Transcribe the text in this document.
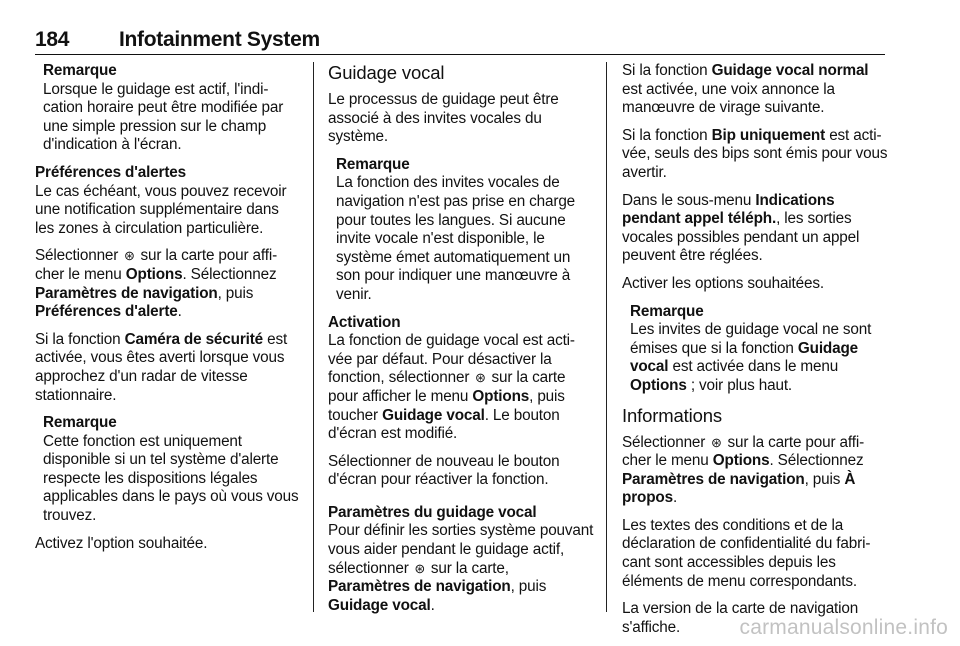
184 Infotainment System
Remarque
Lorsque le guidage est actif, l'indi-cation horaire peut être modifiée par une simple pression sur le champ d'indication à l'écran.

Préférences d'alertes
Le cas échéant, vous pouvez recevoir une notification supplémentaire dans les zones à circulation particulière.

Sélectionner ⊛ sur la carte pour affi-cher le menu Options. Sélectionnez Paramètres de navigation, puis Préférences d'alerte.

Si la fonction Caméra de sécurité est activée, vous êtes averti lorsque vous approchez d'un radar de vitesse stationnaire.

Remarque
Cette fonction est uniquement disponible si un tel système d'alerte respecte les dispositions légales applicables dans le pays où vous vous trouvez.

Activez l'option souhaitée.

Guidage vocal

Le processus de guidage peut être associé à des invites vocales du système.

Remarque
La fonction des invites vocales de navigation n'est pas prise en charge pour toutes les langues. Si aucune invite vocale n'est disponible, le système émet automatiquement un son pour indiquer une manœuvre à venir.

Activation
La fonction de guidage vocal est acti-vée par défaut. Pour désactiver la fonction, sélectionner ⊛ sur la carte pour afficher le menu Options, puis toucher Guidage vocal. Le bouton d'écran est modifié.

Sélectionner de nouveau le bouton d'écran pour réactiver la fonction.

Paramètres du guidage vocal
Pour définir les sorties système pouvant vous aider pendant le guidage actif, sélectionner ⊛ sur la carte, Paramètres de navigation, puis Guidage vocal.

Si la fonction Guidage vocal normal est activée, une voix annonce la manœuvre de virage suivante.

Si la fonction Bip uniquement est acti-vée, seuls des bips sont émis pour vous avertir.

Dans le sous-menu Indications pendant appel téléph., les sorties vocales possibles pendant un appel peuvent être réglées.

Activer les options souhaitées.

Remarque
Les invites de guidage vocal ne sont émises que si la fonction Guidage vocal est activée dans le menu Options ; voir plus haut.
Informations

Sélectionner ⊛ sur la carte pour affi-cher le menu Options. Sélectionnez Paramètres de navigation, puis À propos.

Les textes des conditions et de la déclaration de confidentialité du fabri-cant sont accessibles depuis les éléments de menu correspondants.

La version de la carte de navigation s'affiche.	carmanualsonline.info
